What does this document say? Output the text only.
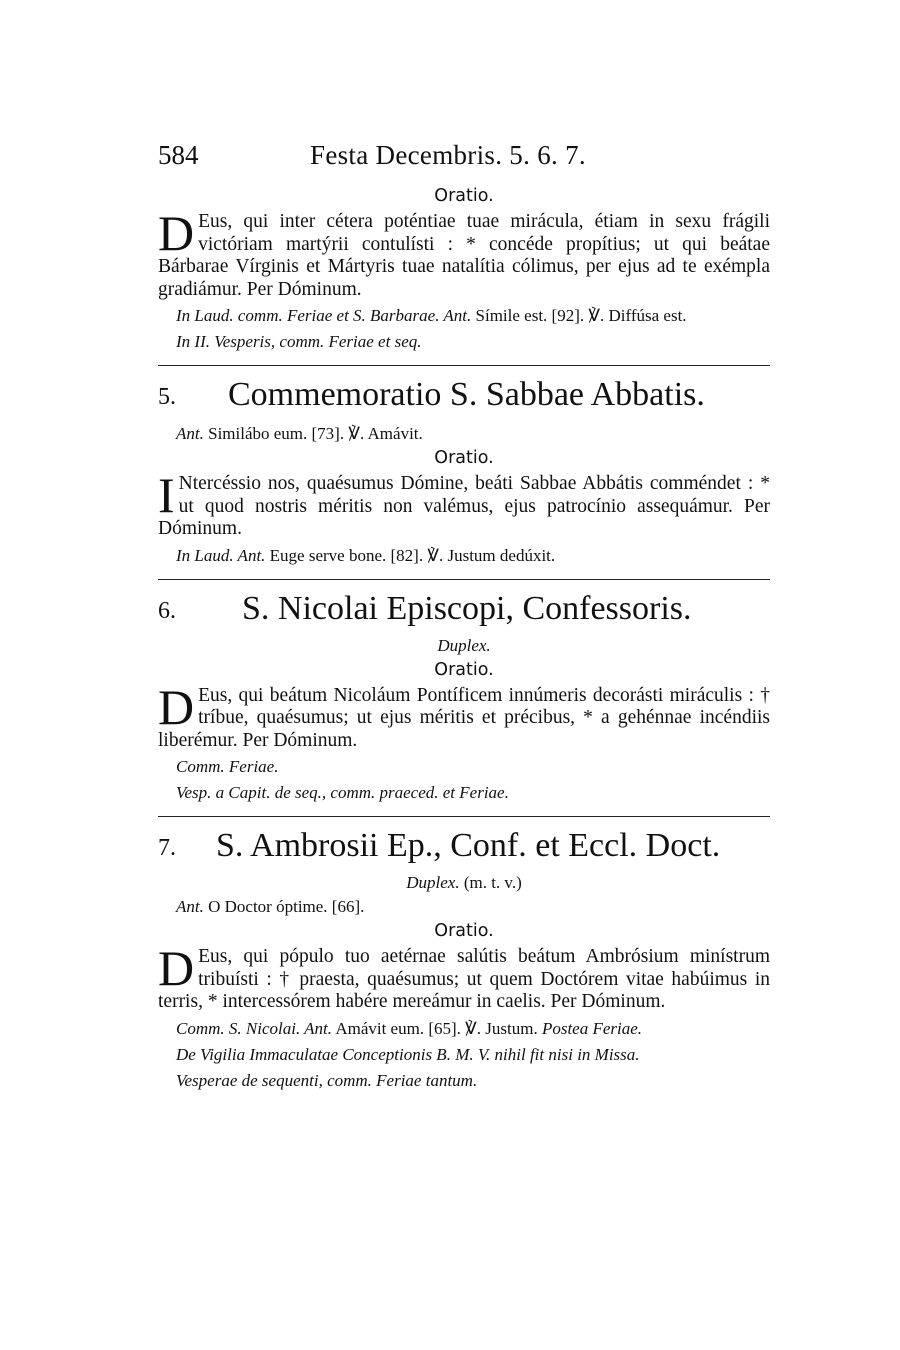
584	Festa Decembris. 5. 6. 7.
Oratio.

D Eus, qui inter cétera poténtiae tuae mirácula, étiam in sexu frágili victóriam martýrii contulísti : * concéde propítius; ut qui beátae Bárbarae Vírginis et Mártyris tuae natalítia cólimus, per ejus ad te exémpla gradiámur. Per Dóminum.

In Laud. comm. Feriae et S. Barbarae. Ant. Símile est. [92]. ℣. Diffúsa est.

In II. Vesperis, comm. Feriae et seq.

5. Commemoratio S. Sabbae Abbatis.

Ant. Similábo eum. [73]. ℣. Amávit.

Oratio.

I Ntercéssio nos, quaésumus Dómine, beáti Sabbae Abbátis comméndet : * ut quod nostris méritis non valémus, ejus patrocínio assequámur. Per Dóminum.

In Laud. Ant. Euge serve bone. [82]. ℣. Justum dedúxit.

6. S. Nicolai Episcopi, Confessoris.
Duplex.
Oratio.

D Eus, qui beátum Nicoláum Pontíficem innúmeris decorásti miráculis : † tríbue, quaésumus; ut ejus méritis et précibus, * a gehénnae incéndiis liberémur. Per Dóminum.

Comm. Feriae.

Vesp. a Capit. de seq., comm. praeced. et Feriae.

7. S. Ambrosii Ep., Conf. et Eccl. Doct.
Duplex. (m. t. v.)

Ant. O Doctor óptime. [66].

Oratio.

D Eus, qui pópulo tuo aetérnae salútis beátum Ambrósium minístrum tribuísti : † praesta, quaésumus; ut quem Doctórem vitae habúimus in terris, * intercessórem habére mereámur in caelis. Per Dóminum.

Comm. S. Nicolai. Ant. Amávit eum. [65]. ℣. Justum. Postea Feriae.

De Vigilia Immaculatae Conceptionis B. M. V. nihil fit nisi in Missa.

Vesperae de sequenti, comm. Feriae tantum.
